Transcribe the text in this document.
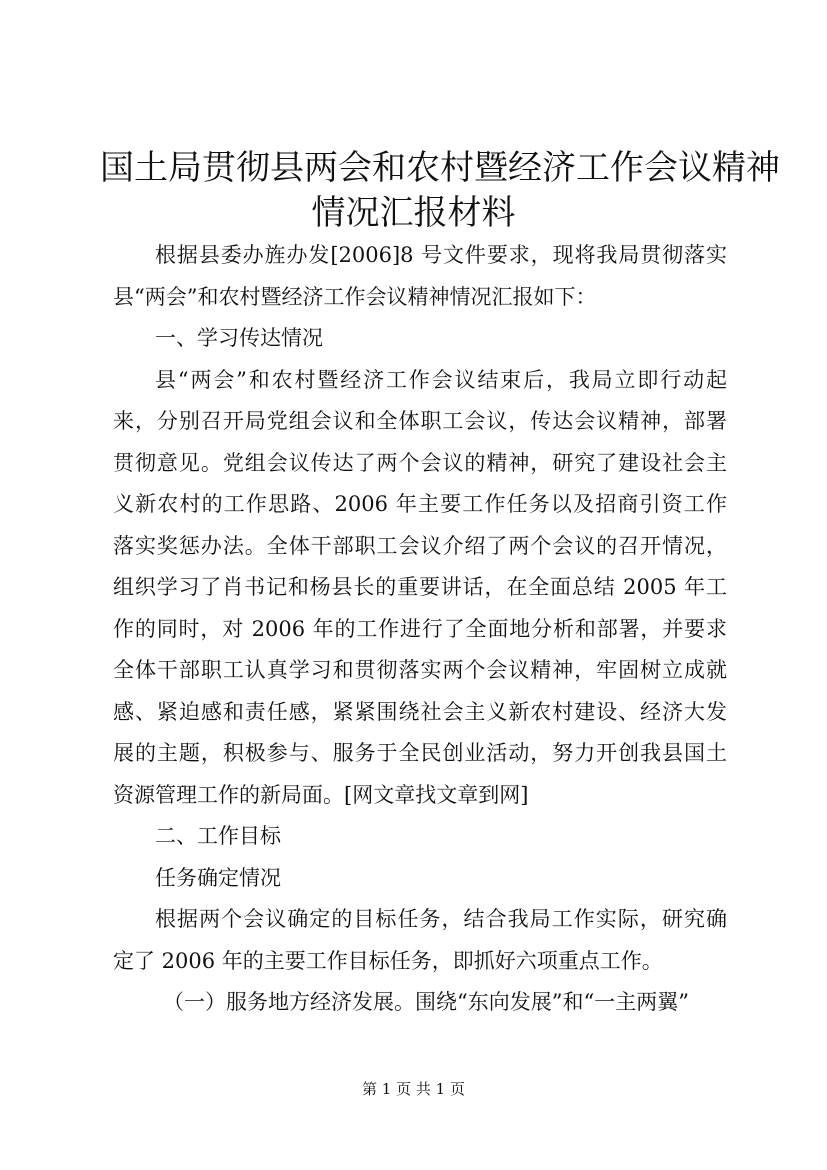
国土局贯彻县两会和农村暨经济工作会议精神
情况汇报材料
根据县委办旌办发[2006]8 号文件要求，现将我局贯彻落实
县“两会”和农村暨经济工作会议精神情况汇报如下：
一、学习传达情况
县“两会”和农村暨经济工作会议结束后，我局立即行动起
来，分别召开局党组会议和全体职工会议，传达会议精神，部署
贯彻意见。党组会议传达了两个会议的精神，研究了建设社会主
义新农村的工作思路、2006 年主要工作任务以及招商引资工作
落实奖惩办法。全体干部职工会议介绍了两个会议的召开情况，
组织学习了肖书记和杨县长的重要讲话，在全面总结 2005 年工
作的同时，对 2006 年的工作进行了全面地分析和部署，并要求
全体干部职工认真学习和贯彻落实两个会议精神，牢固树立成就
感、紧迫感和责任感，紧紧围绕社会主义新农村建设、经济大发
展的主题，积极参与、服务于全民创业活动，努力开创我县国土
资源管理工作的新局面。[网文章找文章到网]
二、工作目标
任务确定情况
根据两个会议确定的目标任务，结合我局工作实际，研究确
定了 2006 年的主要工作目标任务，即抓好六项重点工作。
（一）服务地方经济发展。围绕“东向发展”和“一主两翼”
第 1 页 共 1 页
